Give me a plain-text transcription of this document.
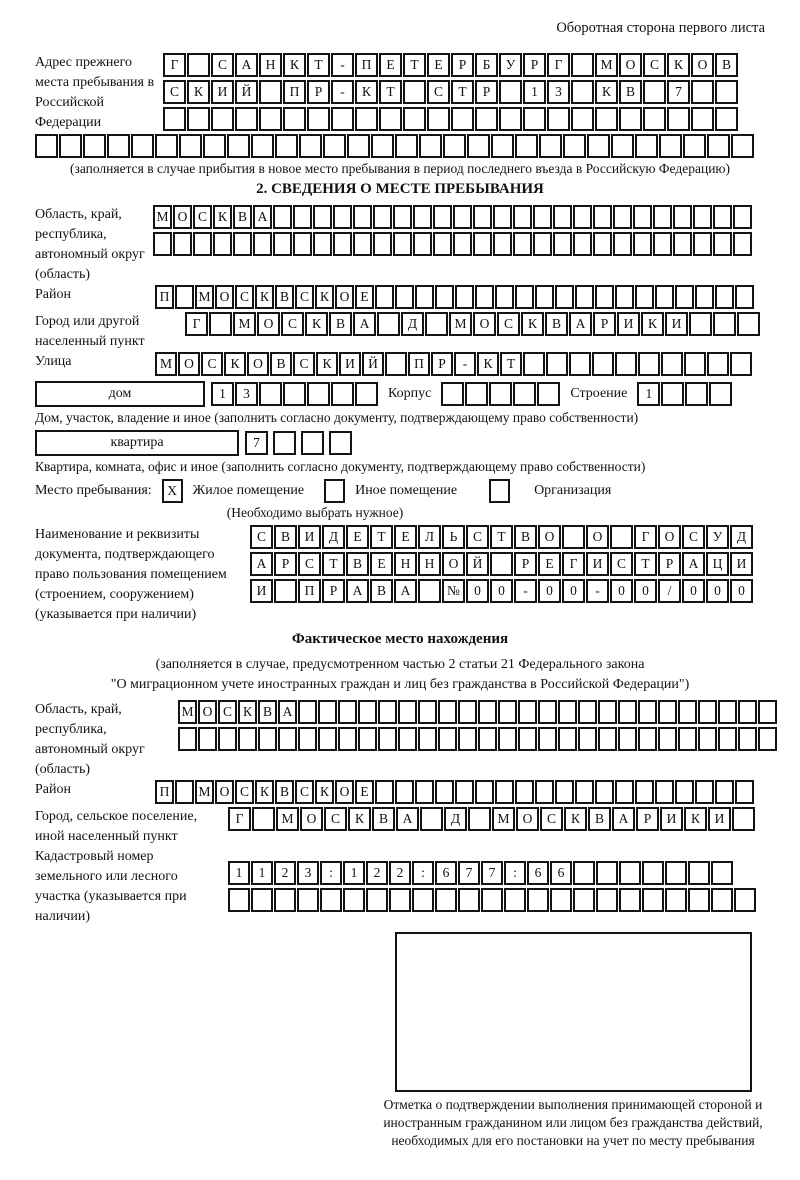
Оборотная сторона первого листа
Адрес прежнего места пребывания в Российской Федерации
Г	С	А	Н	К	Т	-	П	Е	Т	Е	Р	Б	У	Р	Г	М О	С	К	О	В
С	К	И	Й	П	Р	-	К	Т	С	Т	Р	1	3	К	В	7
(заполняется в случае прибытия в новое место пребывания в период последнего въезда в Российскую Федерацию)
2. СВЕДЕНИЯ О МЕСТЕ ПРЕБЫВАНИЯ
Область, край, республика, автономный округ (область)
М О С К В А
Район	П	М О С К В С К О Е
Город или другой населенный пункт
Г	М О	С	К	В	А	Д	М О	С	К	В	А	Р	И	К	И
Улица	М О	С	К	О	В	С	К	И Й	П	Р	-	К	Т
дом	1	3	Корпус	Строение	1
Дом, участок, владение и иное (заполнить согласно документу, подтверждающему право собственности)
квартира	7
Квартира, комната, офис и иное (заполнить согласно документу, подтверждающему право собственности)
Место пребывания:	X	Жилое помещение	Иное помещение	Организация
(Необходимо выбрать нужное)
Наименование и реквизиты документа, подтверждающего право пользования помещением (строением, сооружением) (указывается при наличии)
С	В	И	Д	Е	Т	Е	Л	Ь	С	Т	В	О	О	Г	О	С	У	Д
А	Р	С	Т	В	Е	Н	Н	О	Й	Р	Е	Г	И	С	Т	Р	А	Ц	И
И	П	Р	А	В	А	№	0	0	-	0	0	-	0	0	/	0	0	0
Фактическое место нахождения
(заполняется в случае, предусмотренном частью 2 статьи 21 Федерального закона
"О миграционном учете иностранных граждан и лиц без гражданства в Российской Федерации")
Область, край, республика, автономный округ (область)
М О С К В А
Район	П	М О С К В С К О Е
Город, сельское поселение, иной населенный пункт
Г	М О	С	К	В	А	Д	М О	С	К	В	А	Р	И	К	И
Кадастровый номер земельного или лесного участка (указывается при наличии)
1	1	2	3	:	1	2	2	:	6	7	7	:	6	6
Отметка о подтверждении выполнения принимающей стороной и иностранным гражданином или лицом без гражданства действий, необходимых для его постановки на учет по месту пребывания
